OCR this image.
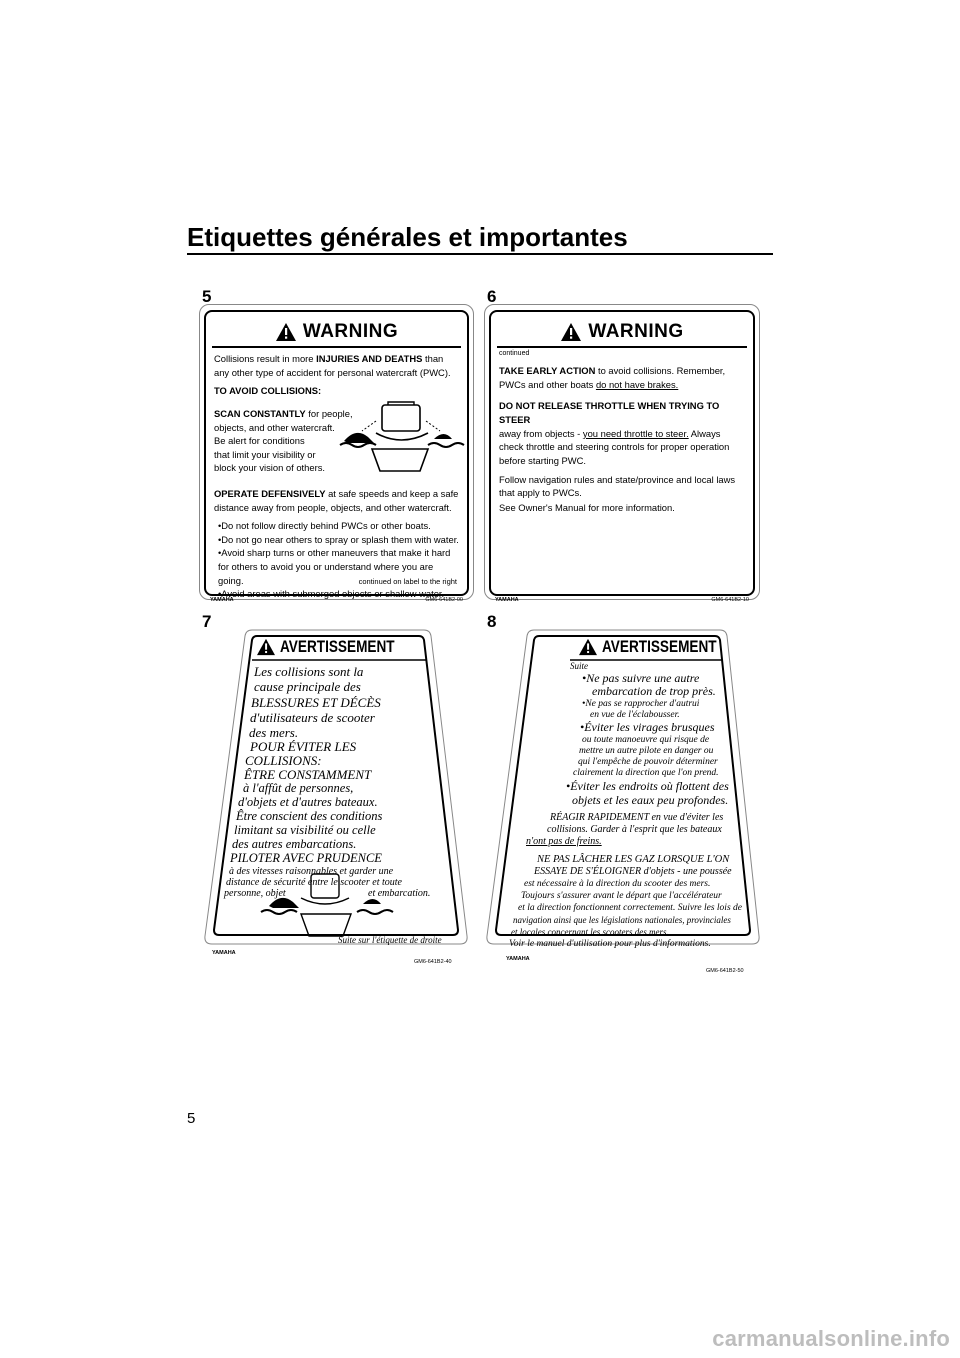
Etiquettes générales et importantes
5
WARNING

Collisions result in more INJURIES AND DEATHS than any other type of accident for personal watercraft (PWC).

TO AVOID COLLISIONS:

SCAN CONSTANTLY for people,
objects, and other watercraft.
Be alert for conditions
that limit your visibility or
block your vision of others.

OPERATE DEFENSIVELY at safe speeds and keep a safe distance away from people, objects, and other watercraft.

•Do not follow directly behind PWCs or other boats.

•Do not go near others to spray or splash them with water.

•Avoid sharp turns or other maneuvers that make it hard for others to avoid you or understand where you are going.

•Avoid areas with submerged objects or shallow water.

continued on label to the right
YAMAHA	GM6-641B2-00
6
WARNING

continued

TAKE EARLY ACTION to avoid collisions. Remember, PWCs and other boats do not have brakes.

DO NOT RELEASE THROTTLE WHEN TRYING TO STEER
away from objects - you need throttle to steer. Always check throttle and steering controls for proper operation before starting PWC.

Follow navigation rules and state/province and local laws that apply to PWCs.

See Owner's Manual for more information.

YAMAHA	GM6-641B2-10
7
AVERTISSEMENT
Les collisions sont la
cause principale des
BLESSURES ET DÉCÈS
d'utilisateurs de scooter
des mers.
POUR ÉVITER LES
COLLISIONS:
ÊTRE CONSTAMMENT
à l'affût de personnes,
d'objets et d'autres bateaux.
Être conscient des conditions
limitant sa visibilité ou celle
des autres embarcations.
PILOTER AVEC PRUDENCE
à des vitesses raisonnables et garder une
distance de sécurité entre le scooter et toute
personne, objet	et embarcation.
Suite sur l'étiquette de droite
YAMAHA
GM6-641B2-40
8
AVERTISSEMENT
Suite
•Ne pas suivre une autre
embarcation de trop près.
•Ne pas se rapprocher d'autrui
en vue de l'éclabousser.
•Éviter les virages brusques
ou toute manoeuvre qui risque de
mettre un autre pilote en danger ou
qui l'empêche de pouvoir déterminer
clairement la direction que l'on prend.
•Éviter les endroits où flottent des
objets et les eaux peu profondes.
RÉAGIR RAPIDEMENT en vue d'éviter les
collisions. Garder à l'esprit que les bateaux
n'ont pas de freins.
NE PAS LÂCHER LES GAZ LORSQUE L'ON
ESSAYE DE S'ÉLOIGNER d'objets - une poussée
est nécessaire à la direction du scooter des mers.
Toujours s'assurer avant le départ que l'accélérateur
et la direction fonctionnent correctement. Suivre les lois de
navigation ainsi que les législations nationales, provinciales
et locales concernant les scooters des mers.
Voir le manuel d'utilisation pour plus d'informations.
YAMAHA
GM6-641B2-50
5
carmanualsonline.info
